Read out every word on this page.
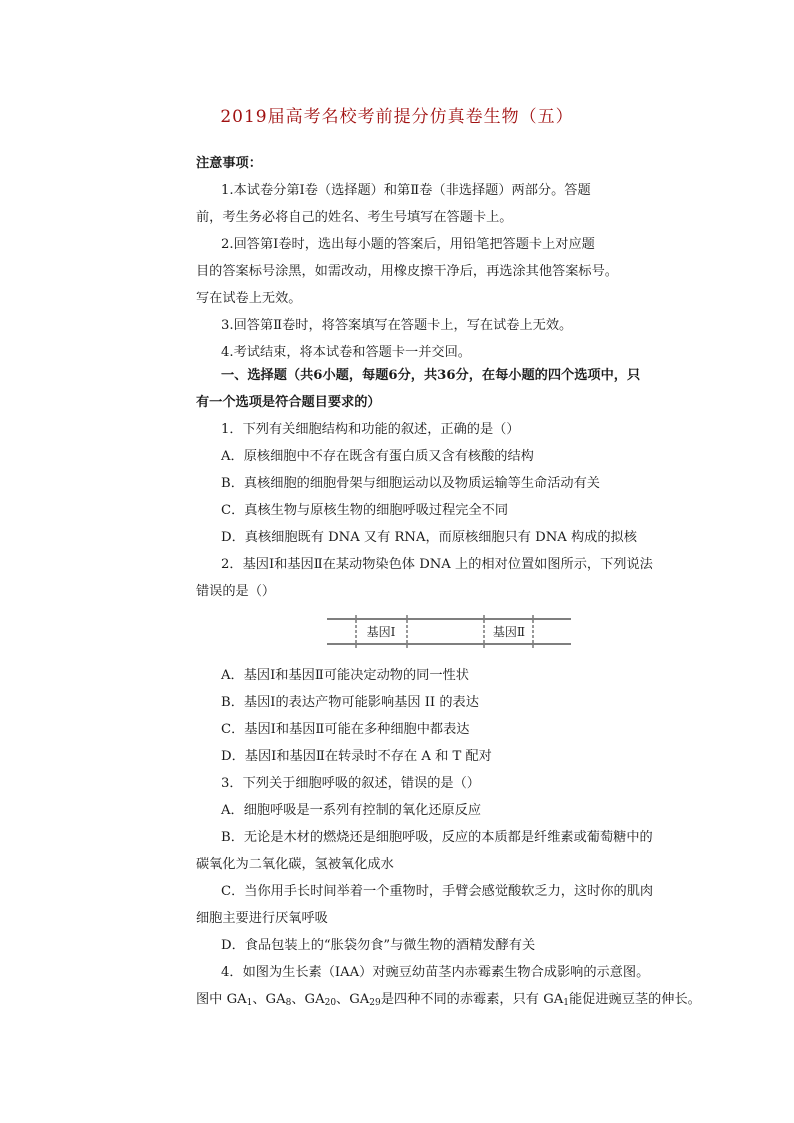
2019届高考名校考前提分仿真卷生物（五）
注意事项：
1.本试卷分第Ⅰ卷（选择题）和第Ⅱ卷（非选择题）两部分。答题
前，考生务必将自己的姓名、考生号填写在答题卡上。
2.回答第Ⅰ卷时，选出每小题的答案后，用铅笔把答题卡上对应题
目的答案标号涂黑，如需改动，用橡皮擦干净后，再选涂其他答案标号。
写在试卷上无效。
3.回答第Ⅱ卷时，将答案填写在答题卡上，写在试卷上无效。
4.考试结束，将本试卷和答题卡一并交回。
一、选择题（共6小题，每题6分，共36分，在每小题的四个选项中，只
有一个选项是符合题目要求的）
1．下列有关细胞结构和功能的叙述，正确的是（）
A．原核细胞中不存在既含有蛋白质又含有核酸的结构
B．真核细胞的细胞骨架与细胞运动以及物质运输等生命活动有关
C．真核生物与原核生物的细胞呼吸过程完全不同
D．真核细胞既有 DNA 又有 RNA，而原核细胞只有 DNA 构成的拟核
2．基因Ⅰ和基因Ⅱ在某动物染色体 DNA 上的相对位置如图所示，下列说法
错误的是（）
基因Ⅰ	基因Ⅱ
A．基因Ⅰ和基因Ⅱ可能决定动物的同一性状
B．基因Ⅰ的表达产物可能影响基因 II 的表达
C．基因Ⅰ和基因Ⅱ可能在多种细胞中都表达
D．基因Ⅰ和基因Ⅱ在转录时不存在 A 和 T 配对
3．下列关于细胞呼吸的叙述，错误的是（）
A．细胞呼吸是一系列有控制的氧化还原反应
B．无论是木材的燃烧还是细胞呼吸，反应的本质都是纤维素或葡萄糖中的
碳氧化为二氧化碳，氢被氧化成水
C．当你用手长时间举着一个重物时，手臂会感觉酸软乏力，这时你的肌肉
细胞主要进行厌氧呼吸
D．食品包装上的“胀袋勿食”与微生物的酒精发酵有关
4．如图为生长素（IAA）对豌豆幼苗茎内赤霉素生物合成影响的示意图。
图中 $GA_1$、$GA_8$、$GA_{20}$、$GA_{29}$是四种不同的赤霉素，只有 $GA_1$能促进豌豆茎的伸长。
